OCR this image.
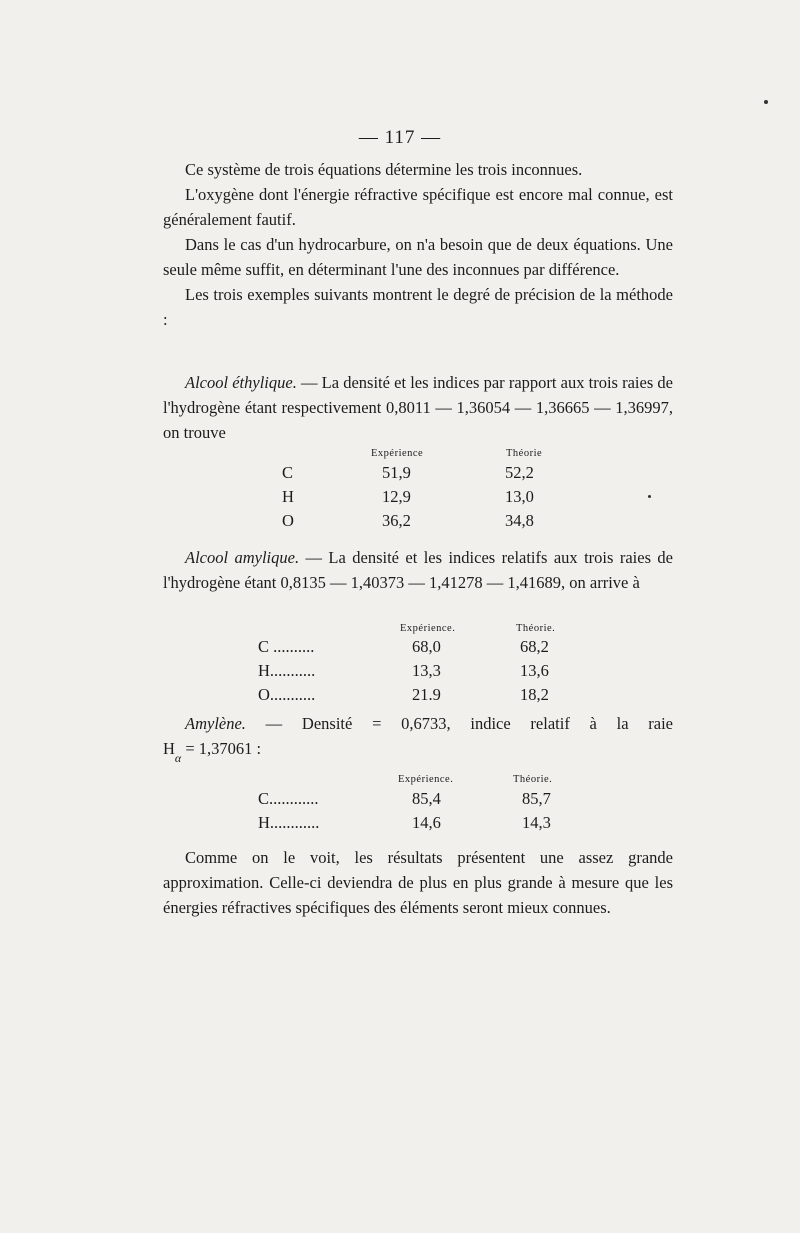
— 117 —

Ce système de trois équations détermine les trois inconnues.

L'oxygène dont l'énergie réfractive spécifique est encore mal connue, est généralement fautif.

Dans le cas d'un hydrocarbure, on n'a besoin que de deux équations. Une seule même suffit, en déterminant l'une des inconnues par différence.

Les trois exemples suivants montrent le degré de précision de la méthode :

Alcool éthylique. — La densité et les indices par rapport aux trois raies de l'hydrogène étant respectivement 0,8011 — 1,36054 — 1,36665 — 1,36997, on trouve

Expérience	Théorie
C	51,9	52,2
H	12,9	13,0
O	36,2	34,8

Alcool amylique. — La densité et les indices relatifs aux trois raies de l'hydrogène étant 0,8135 — 1,40373 — 1,41278 — 1,41689, on arrive à

Expérience.	Théorie.
C ..........	68,0	68,2
H...........	13,3	13,6
O...........	21.9	18,2

Amylène. — Densité = 0,6733, indice relatif à la raie

$H_\alpha = 1,37061$ :

Expérience.	Théorie.
C............	85,4	85,7
H............	14,6	14,3

Comme on le voit, les résultats présentent une assez grande approximation. Celle-ci deviendra de plus en plus grande à mesure que les énergies réfractives spécifiques des éléments seront mieux connues.
